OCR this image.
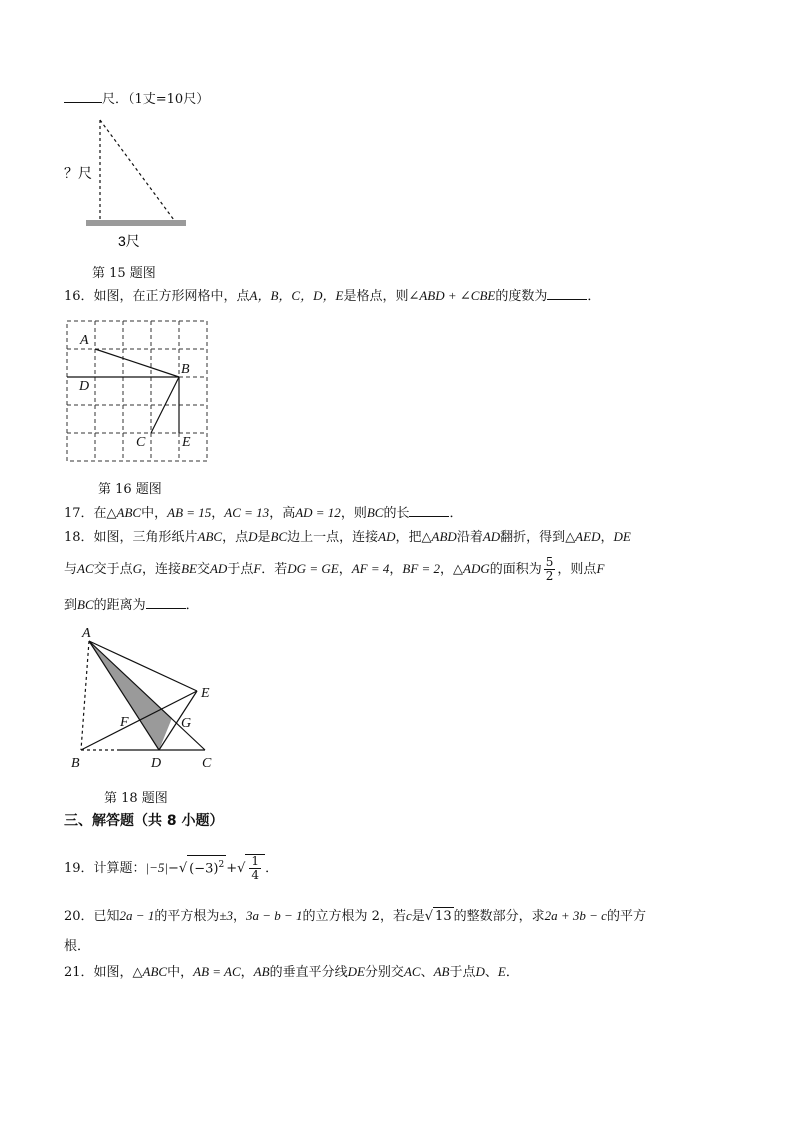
尺．（1丈=10尺）
？尺
3尺
第 15 题图
16．如图，在正方形网格中，点A，B，C，D，E是格点，则∠ABD + ∠CBE的度数为	．
A
B
C
D
E
第 16 题图
17．在△ABC中，AB = 15，AC = 13，高AD = 12，则BC的长	．
18．如图，三角形纸片ABC，点D是BC边上一点，连接AD，把△ABD沿着AD翻折，得到△AED，DE
与AC交于点G，连接BE交AD于点F．若DG = GE，AF = 4，BF = 2，△ADG的面积为 $\frac{5}{2}$ ，则点F
到BC的距离为	．
A
B	C
D
E
F	G
第 18 题图
三、解答题（共 8 小题）
19．计算题：|−5|−√ $(-3)^2$ +√ $\frac{1}{4}$ ．
20．已知2a − 1的平方根为±3，3a − b − 1的立方根为 2，若c是√ 13 的整数部分，求2a + 3b − c的平方
根．
21．如图，△ABC中，AB = AC，AB的垂直平分线DE分别交AC、AB于点D、E．
